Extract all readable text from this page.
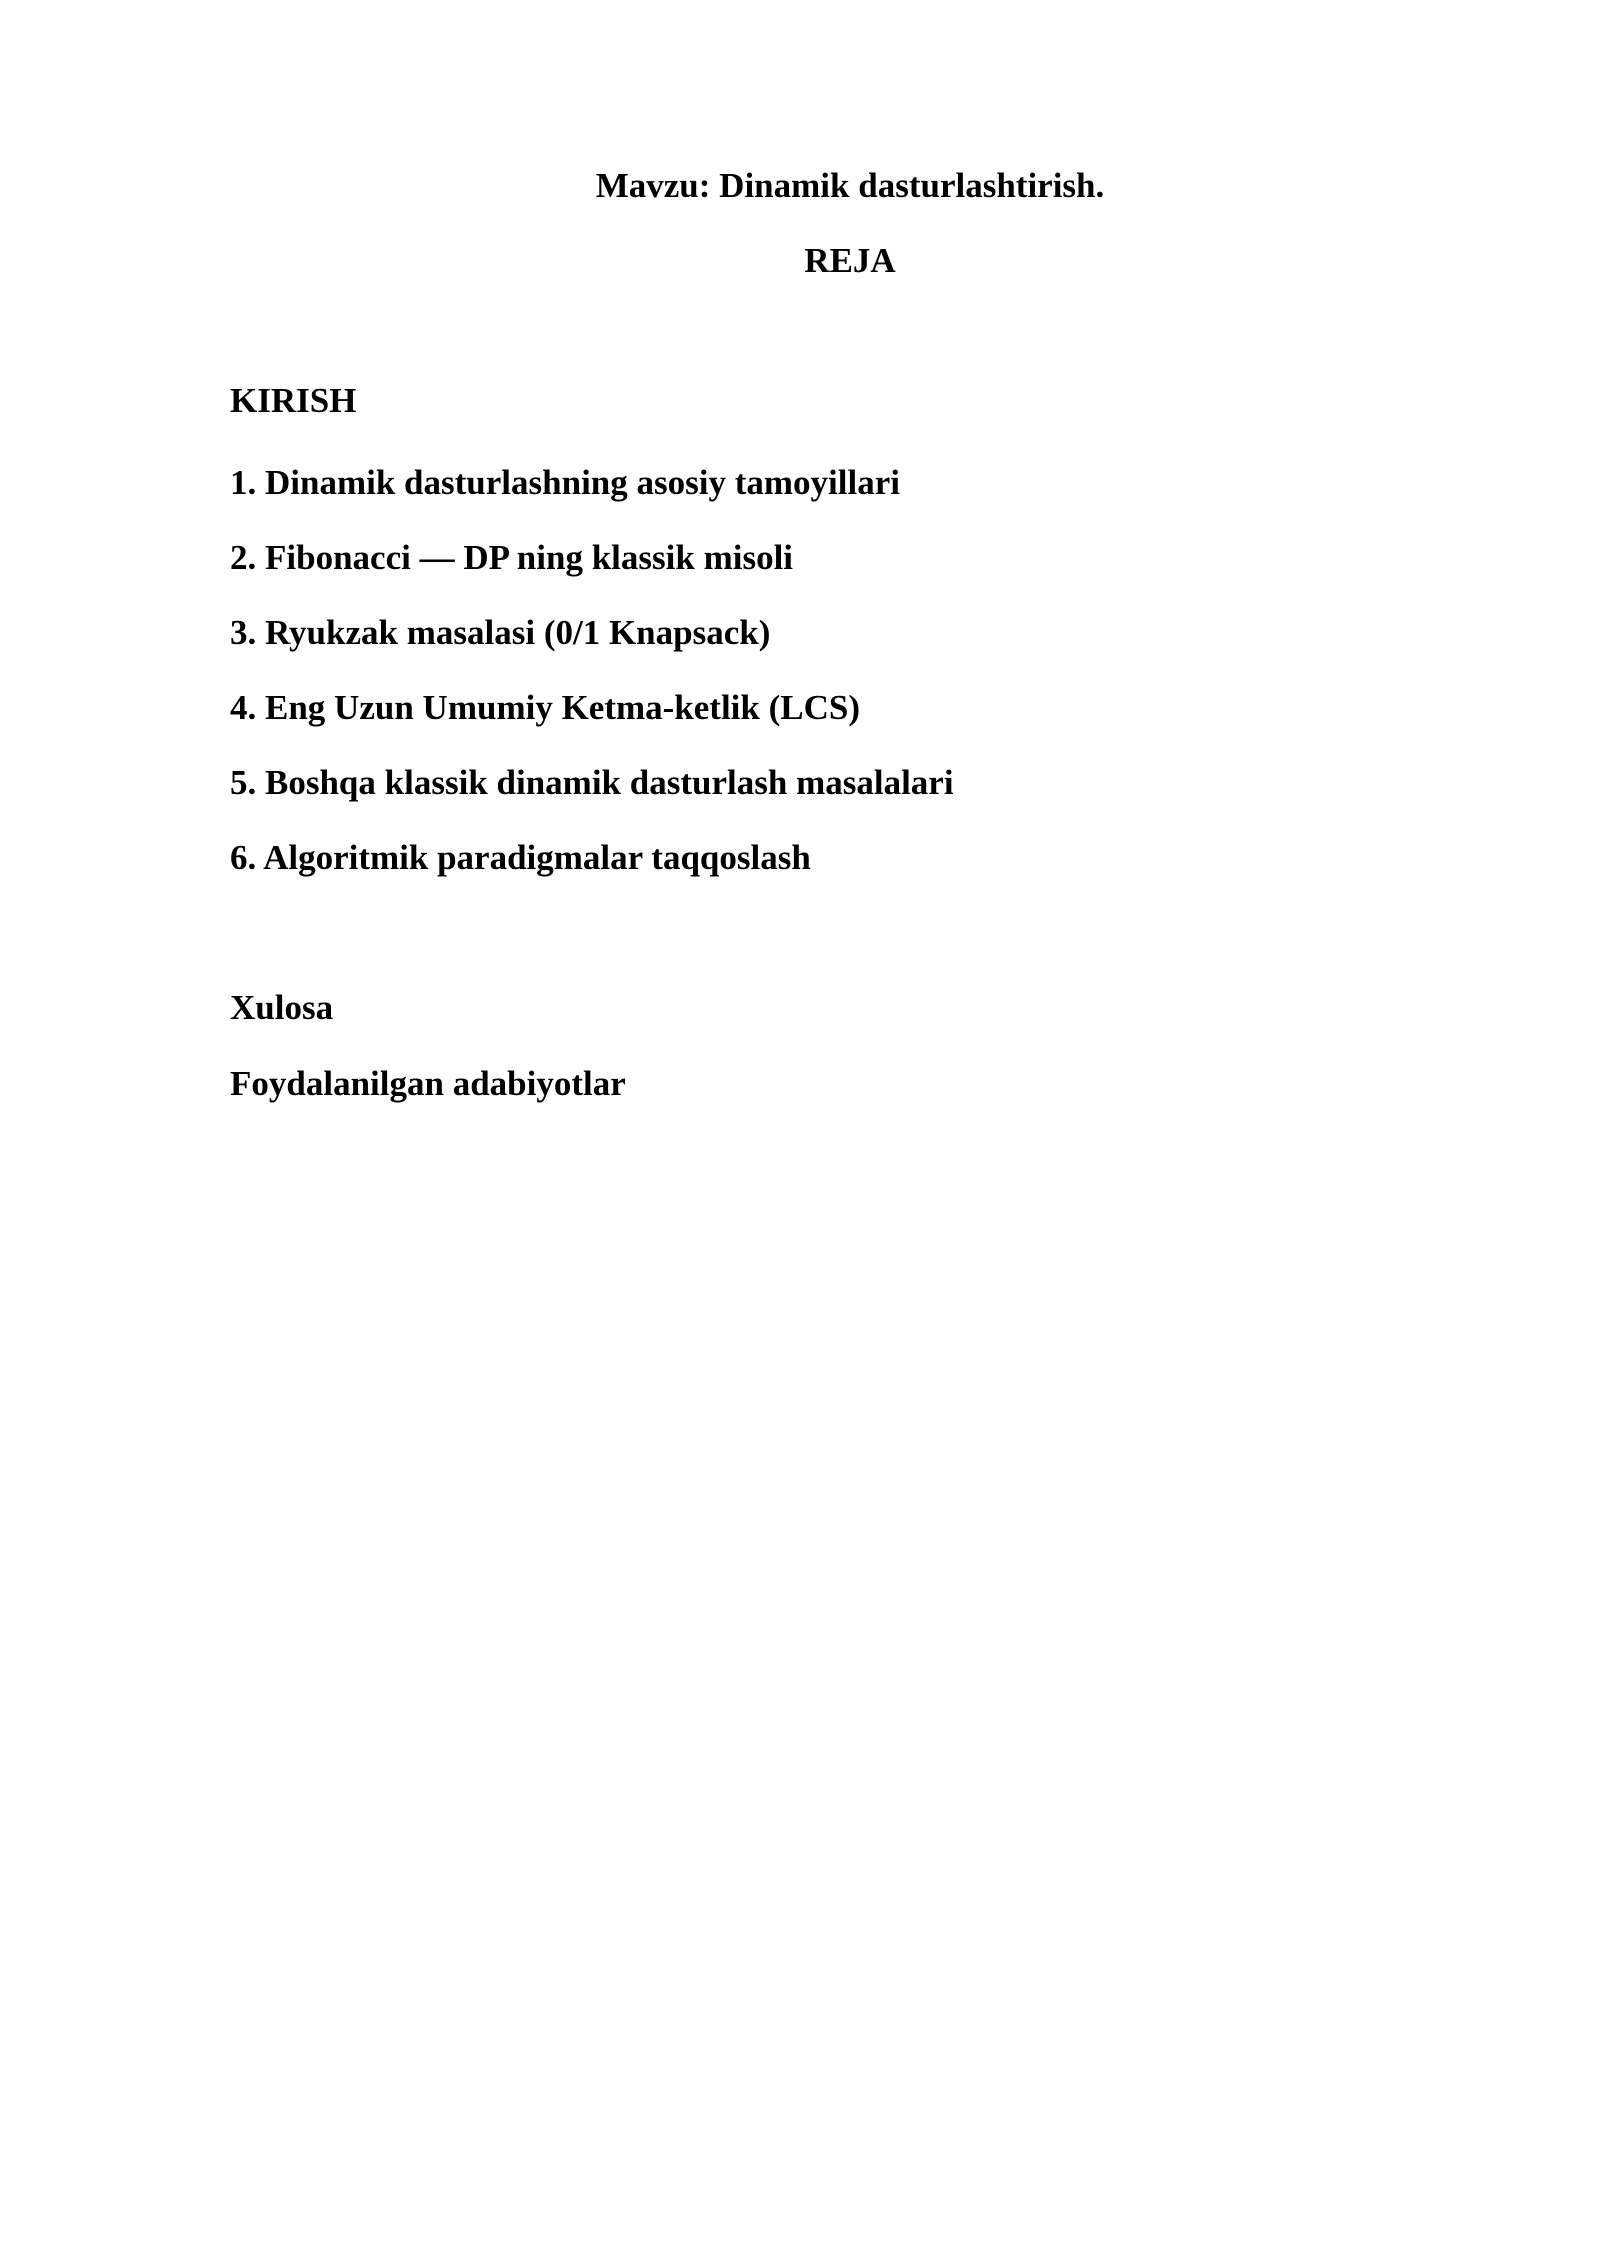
Mavzu: Dinamik dasturlashtirish.
REJA

KIRISH

1. Dinamik dasturlashning asosiy tamoyillari

2. Fibonacci — DP ning klassik misoli

3. Ryukzak masalasi (0/1 Knapsack)

4. Eng Uzun Umumiy Ketma-ketlik (LCS)

5. Boshqa klassik dinamik dasturlash masalalari

6. Algoritmik paradigmalar taqqoslash

Xulosa

Foydalanilgan adabiyotlar
